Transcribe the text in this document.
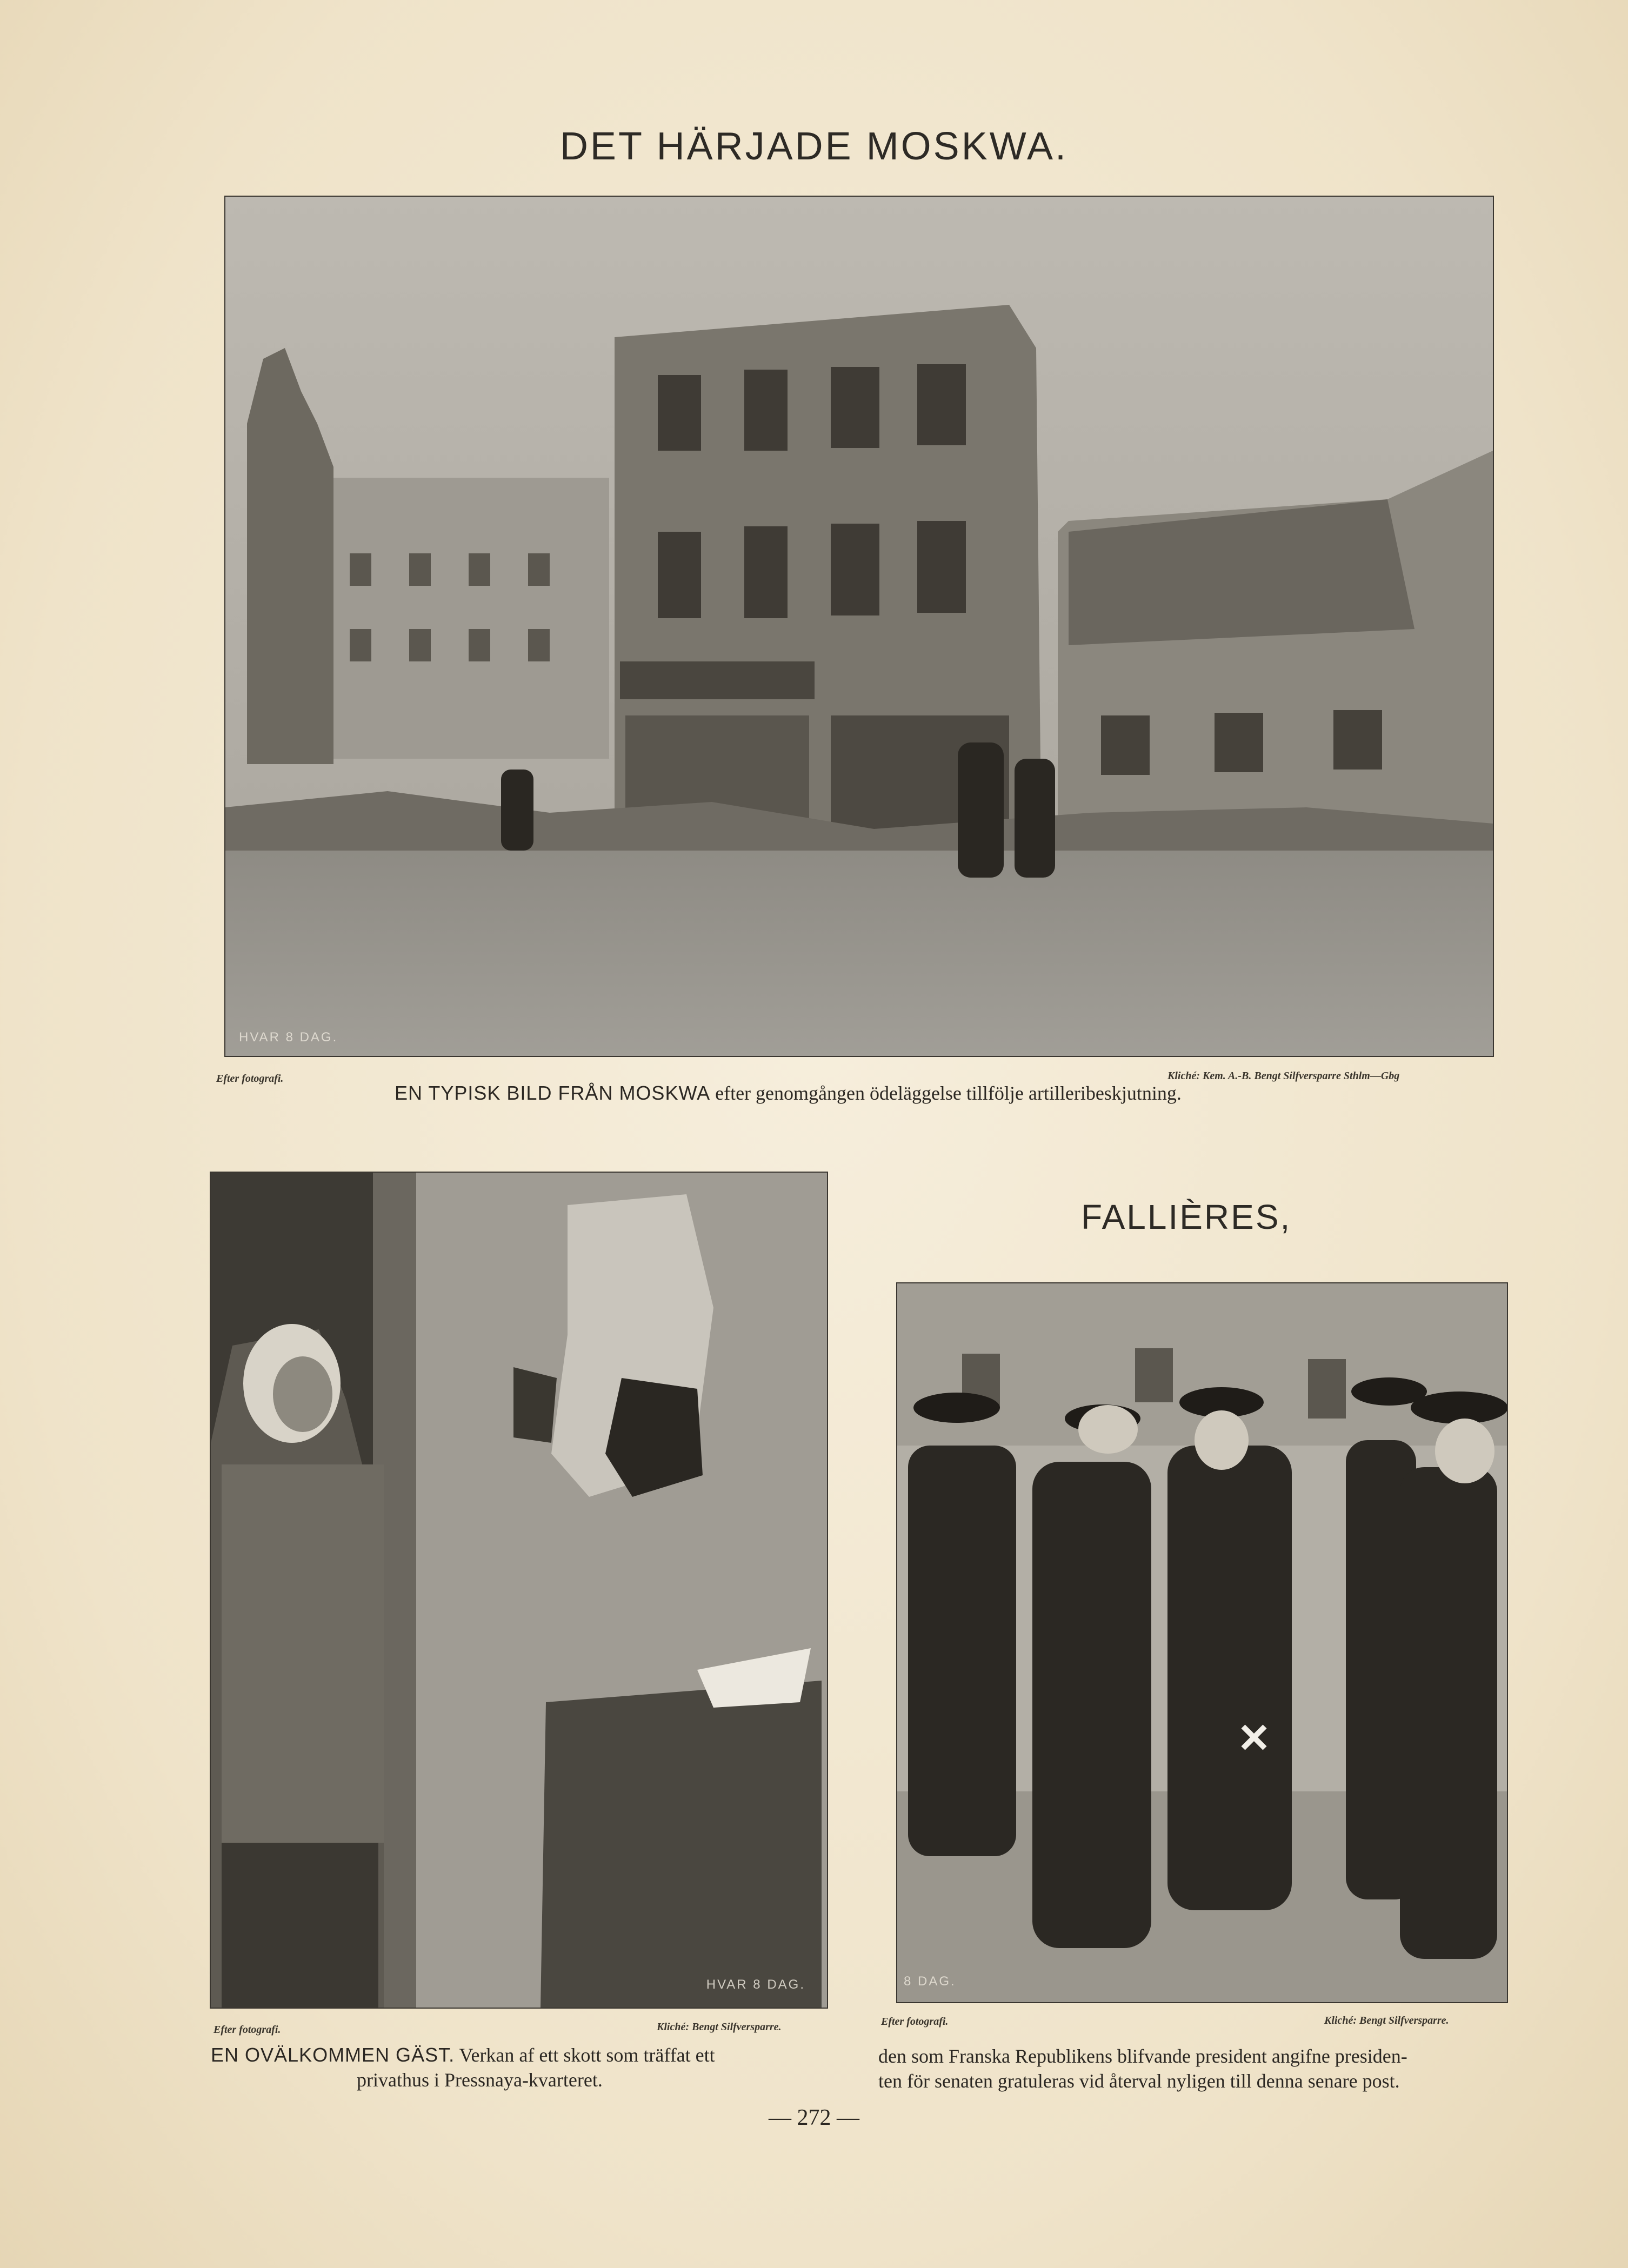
DET HÄRJADE MOSKWA.
HVAR 8 DAG.
Efter fotografi.	Kliché: Kem. A.-B. Bengt Silfversparre Sthlm—Gbg
EN TYPISK BILD FRÅN MOSKWA efter genomgången ödeläggelse tillfölje artilleribeskjutning.
HVAR 8 DAG.
Efter fotografi.	Kliché: Bengt Silfversparre.
EN OVÄLKOMMEN GÄST. Verkan af ett skott som träffat ett
privathus i Pressnaya-kvarteret.
FALLIÈRES,
8 DAG.
Efter fotografi.	Kliché: Bengt Silfversparre.
den som Franska Republikens blifvande president angifne presiden-
ten för senaten gratuleras vid återval nyligen till denna senare post.
— 272 —
